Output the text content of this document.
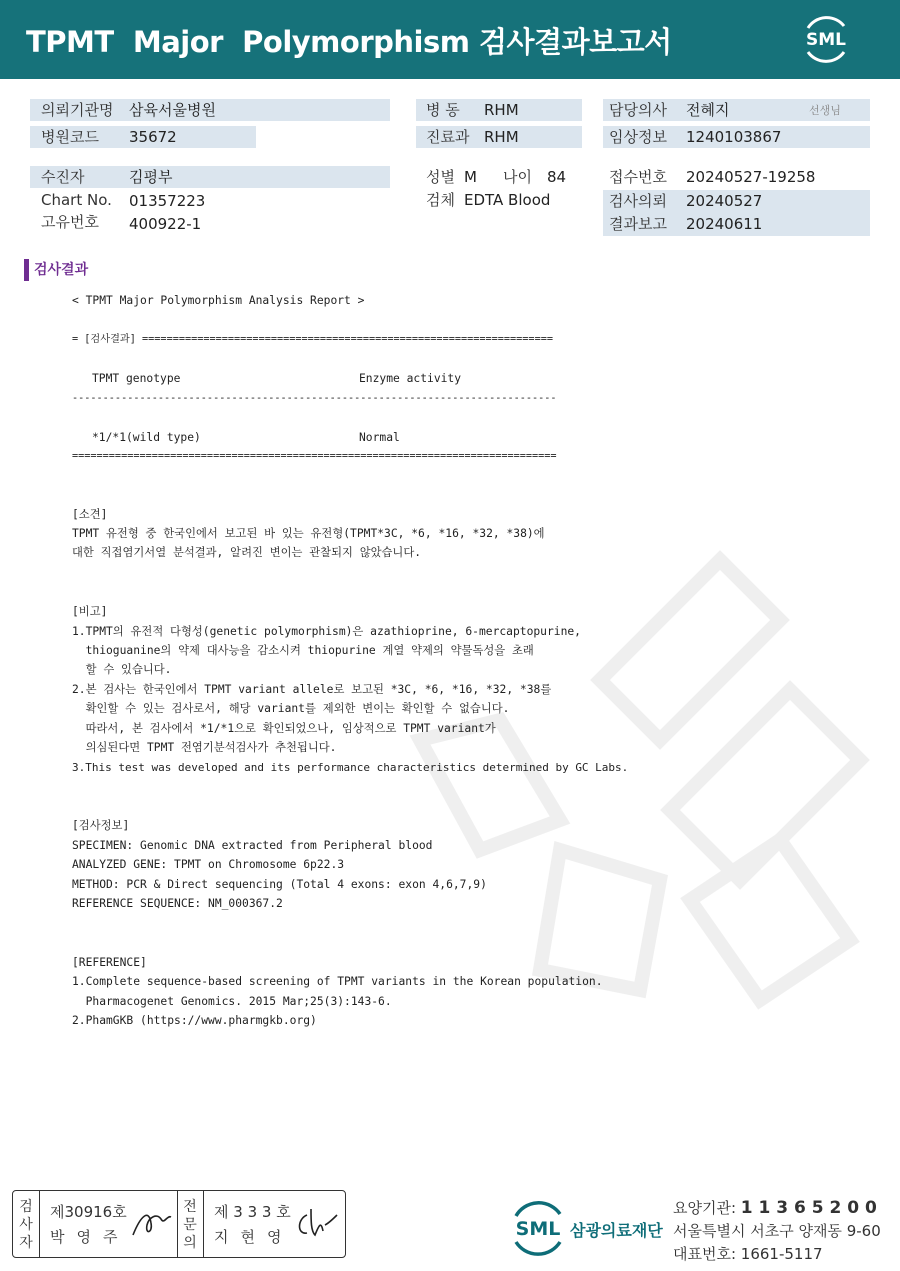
TPMT  Major  Polymorphism 검사결과보고서	SML
의뢰기관명 삼육서울병원
병원코드 35672
병 동 RHM
진료과 RHM
담당의사 전혜지	선생님
임상정보 1240103867
수진자	김평부
Chart No. 01357223
고유번호 400922-1
성별 M 나이 84
검체 EDTA Blood
접수번호 20240527-19258
검사의뢰 20240527
결과보고 20240611
검사결과
< TPMT Major Polymorphism Analysis Report >
= [검사결과] ===================================================================
TPMT genotype	Enzyme activity
-------------------------------------------------------------------------------
*1/*1(wild type)	Normal
===============================================================================
[소견]
TPMT 유전형 중 한국인에서 보고된 바 있는 유전형(TPMT*3C, *6, *16, *32, *38)에
대한 직접염기서열 분석결과, 알려진 변이는 관찰되지 않았습니다.
[비고]
1.TPMT의 유전적 다형성(genetic polymorphism)은 azathioprine, 6-mercaptopurine,
thioguanine의 약제 대사능을 감소시켜 thiopurine 계열 약제의 약물독성을 초래
할 수 있습니다.
2.본 검사는 한국인에서 TPMT variant allele로 보고된 *3C, *6, *16, *32, *38를
확인할 수 있는 검사로서, 해당 variant를 제외한 변이는 확인할 수 없습니다.
따라서, 본 검사에서 *1/*1으로 확인되었으나, 임상적으로 TPMT variant가
의심된다면 TPMT 전염기분석검사가 추천됩니다.
3.This test was developed and its performance characteristics determined by GC Labs.
[검사정보]
SPECIMEN: Genomic DNA extracted from Peripheral blood
ANALYZED GENE: TPMT on Chromosome 6p22.3
METHOD: PCR & Direct sequencing (Total 4 exons: exon 4,6,7,9)
REFERENCE SEQUENCE: NM_000367.2
[REFERENCE]
1.Complete sequence-based screening of TPMT variants in the Korean population.
Pharmacogenet Genomics. 2015 Mar;25(3):143-6.
2.PhamGKB (https://www.pharmgkb.org)
검사자
제30916호
박영주
전문의
제 3 3 3 호
지현영	SML 삼광의료재단
요양기관: 1 1 3 6 5 2 0 0
서울특별시 서초구 양재동 9-60
대표번호: 1661-5117
